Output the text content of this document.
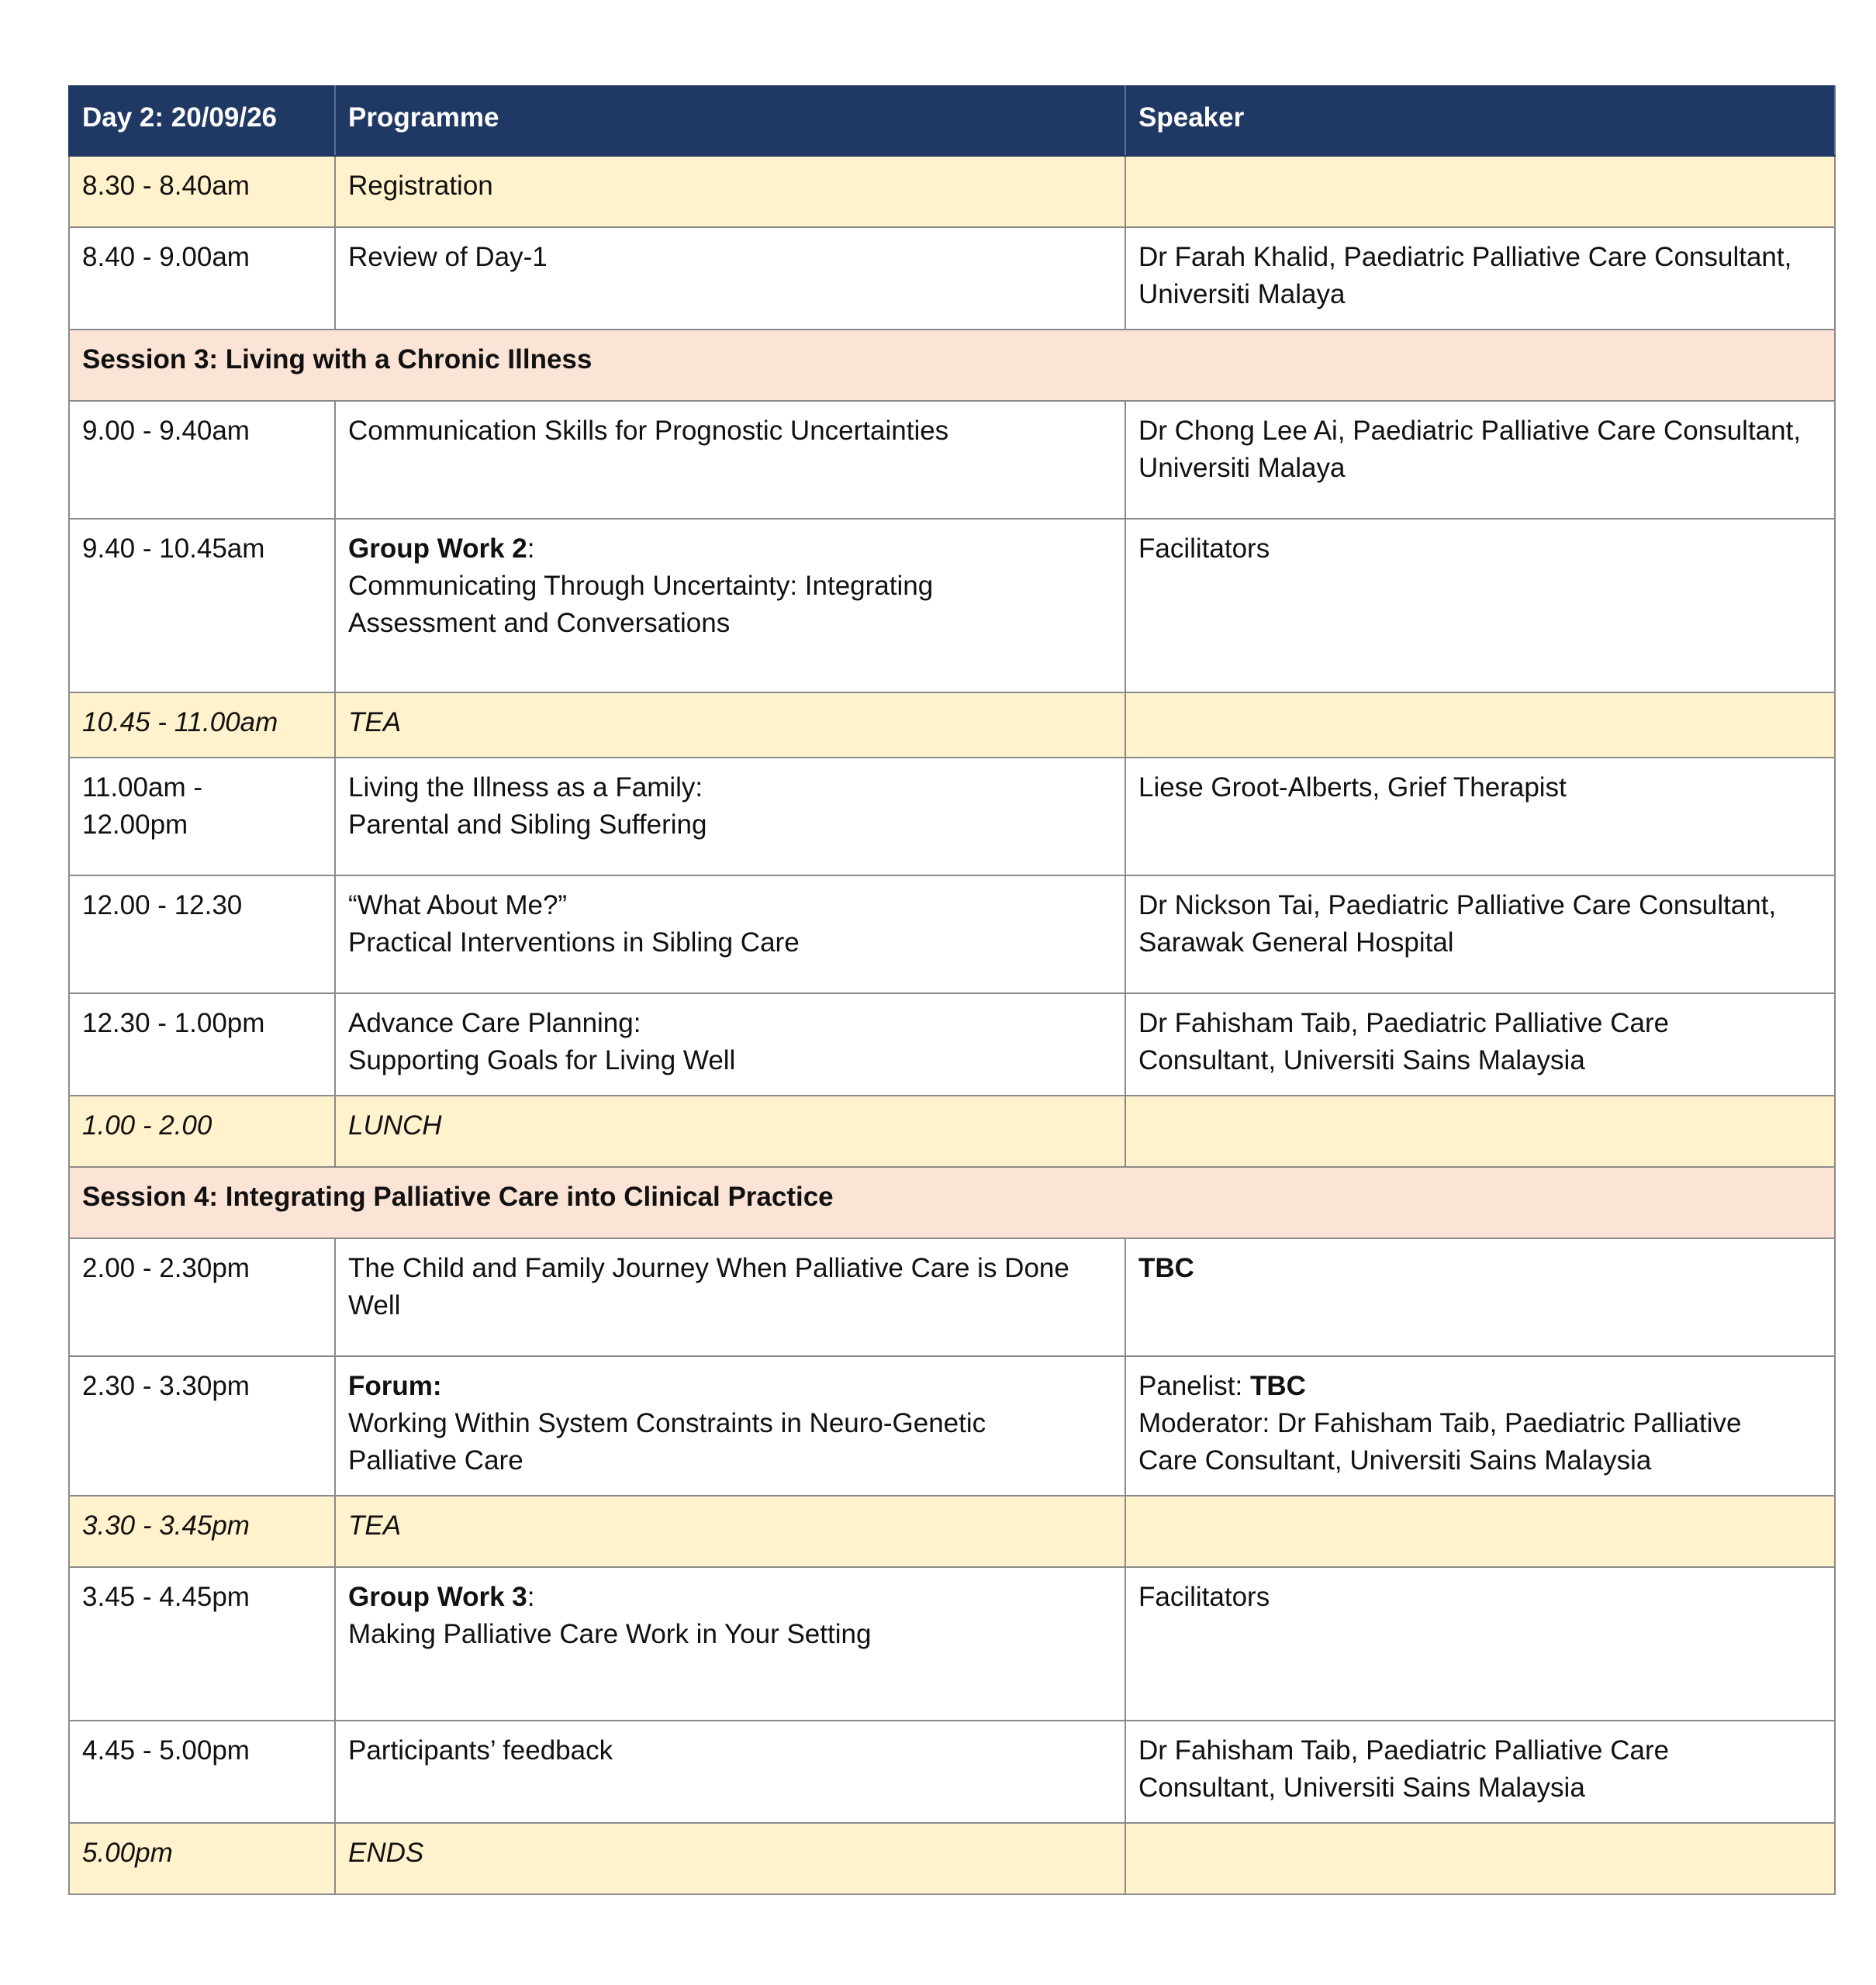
Day 2: 20/09/26	Programme	Speaker
8.30 - 8.40am	Registration	
8.40 - 9.00am	Review of Day-1	Dr Farah Khalid, Paediatric Palliative Care Consultant,
Universiti Malaya
Session 3: Living with a Chronic Illness		
9.00 - 9.40am	Communication Skills for Prognostic Uncertainties	Dr Chong Lee Ai, Paediatric Palliative Care Consultant,
Universiti Malaya
9.40 - 10.45am	Group Work 2:
Communicating Through Uncertainty: Integrating
Assessment and Conversations	Facilitators
10.45 - 11.00am	TEA	
11.00am -
12.00pm	Living the Illness as a Family:
Parental and Sibling Suffering	Liese Groot-Alberts, Grief Therapist
12.00 - 12.30	“What About Me?”
Practical Interventions in Sibling Care	Dr Nickson Tai, Paediatric Palliative Care Consultant,
Sarawak General Hospital
12.30 - 1.00pm	Advance Care Planning:
Supporting Goals for Living Well	Dr Fahisham Taib, Paediatric Palliative Care
Consultant, Universiti Sains Malaysia
1.00 - 2.00	LUNCH	
Session 4: Integrating Palliative Care into Clinical Practice		
2.00 - 2.30pm	The Child and Family Journey When Palliative Care is Done
Well	TBC
2.30 - 3.30pm	Forum:
Working Within System Constraints in Neuro-Genetic
Palliative Care	Panelist: TBC
Moderator: Dr Fahisham Taib, Paediatric Palliative
Care Consultant, Universiti Sains Malaysia
3.30 - 3.45pm	TEA	
3.45 - 4.45pm	Group Work 3:
Making Palliative Care Work in Your Setting	Facilitators
4.45 - 5.00pm	Participants’ feedback	Dr Fahisham Taib, Paediatric Palliative Care
Consultant, Universiti Sains Malaysia
5.00pm	ENDS	
